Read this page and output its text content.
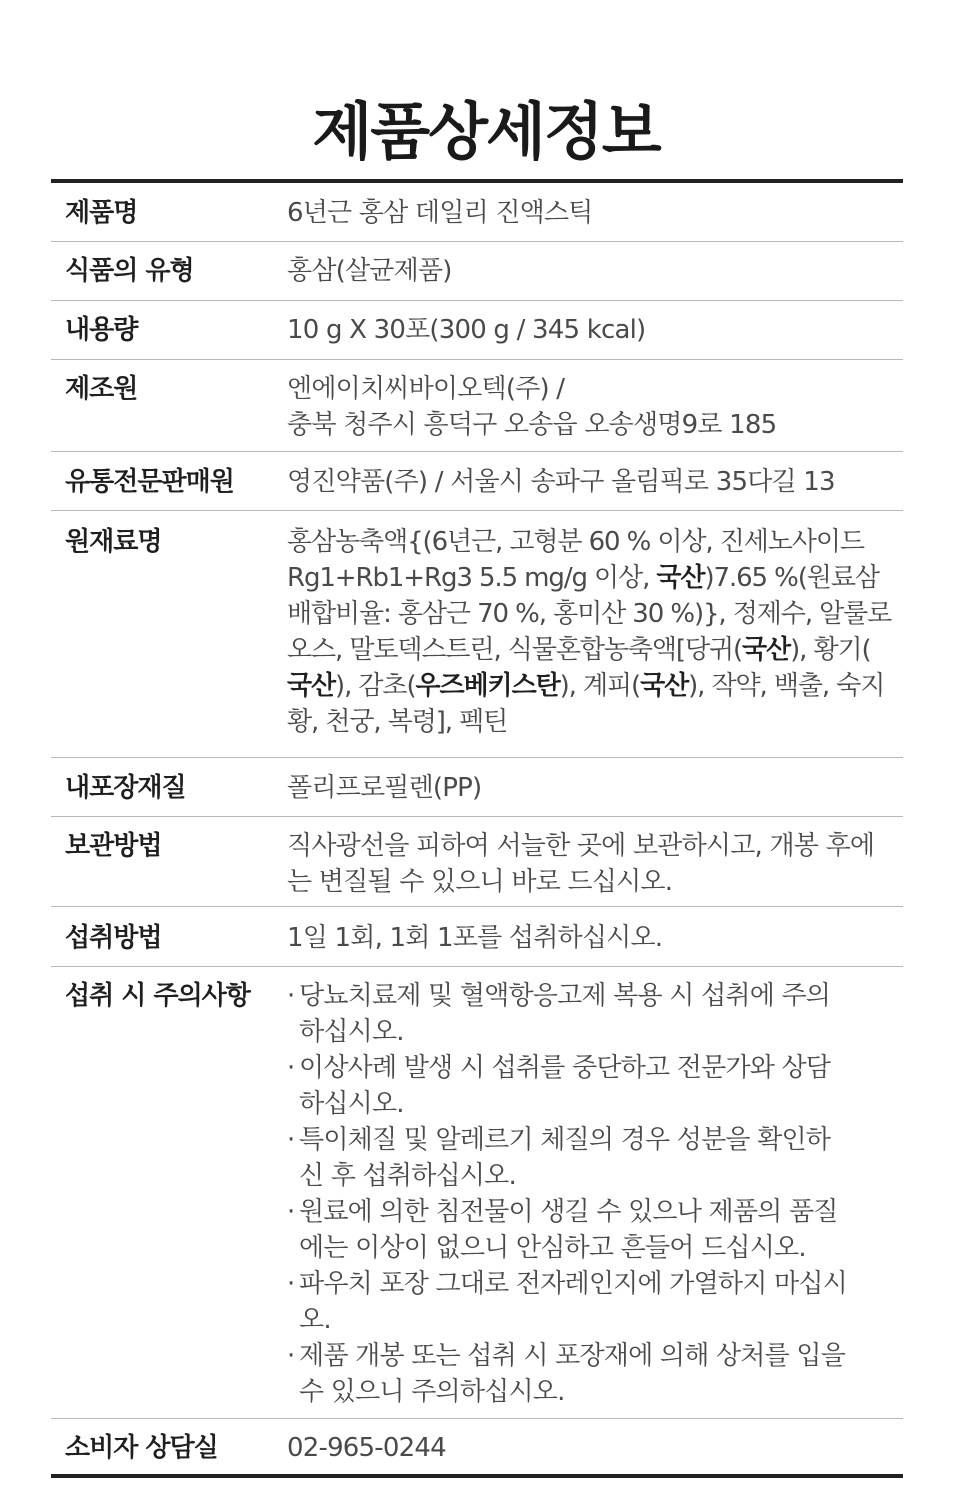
제품상세정보
제품명	6년근 홍삼 데일리 진액스틱
식품의 유형	홍삼(살균제품)
내용량	10 g X 30포(300 g / 345 kcal)
제조원	엔에이치씨바이오텍(주) /
충북 청주시 흥덕구 오송읍 오송생명9로 185
유통전문판매원	영진약품(주) / 서울시 송파구 올림픽로 35다길 13
원재료명	홍삼농축액{(6년근, 고형분 60 % 이상, 진세노사이드
Rg1+Rb1+Rg3 5.5 mg/g 이상, 국산)7.65 %(원료삼
배합비율: 홍삼근 70 %, 홍미산 30 %)}, 정제수, 알룰로
오스, 말토덱스트린, 식물혼합농축액[당귀(국산), 황기(
국산), 감초(우즈베키스탄), 계피(국산), 작약, 백출, 숙지
황, 천궁, 복령], 펙틴
내포장재질	폴리프로필렌(PP)
보관방법	직사광선을 피하여 서늘한 곳에 보관하시고, 개봉 후에
는 변질될 수 있으니 바로 드십시오.
섭취방법	1일 1회, 1회 1포를 섭취하십시오.
섭취 시 주의사항	· 당뇨치료제 및 혈액항응고제 복용 시 섭취에 주의
하십시오.
· 이상사례 발생 시 섭취를 중단하고 전문가와 상담
하십시오.
· 특이체질 및 알레르기 체질의 경우 성분을 확인하
신 후 섭취하십시오.
· 원료에 의한 침전물이 생길 수 있으나 제품의 품질
에는 이상이 없으니 안심하고 흔들어 드십시오.
· 파우치 포장 그대로 전자레인지에 가열하지 마십시
오.
· 제품 개봉 또는 섭취 시 포장재에 의해 상처를 입을
수 있으니 주의하십시오.
소비자 상담실	02-965-0244
